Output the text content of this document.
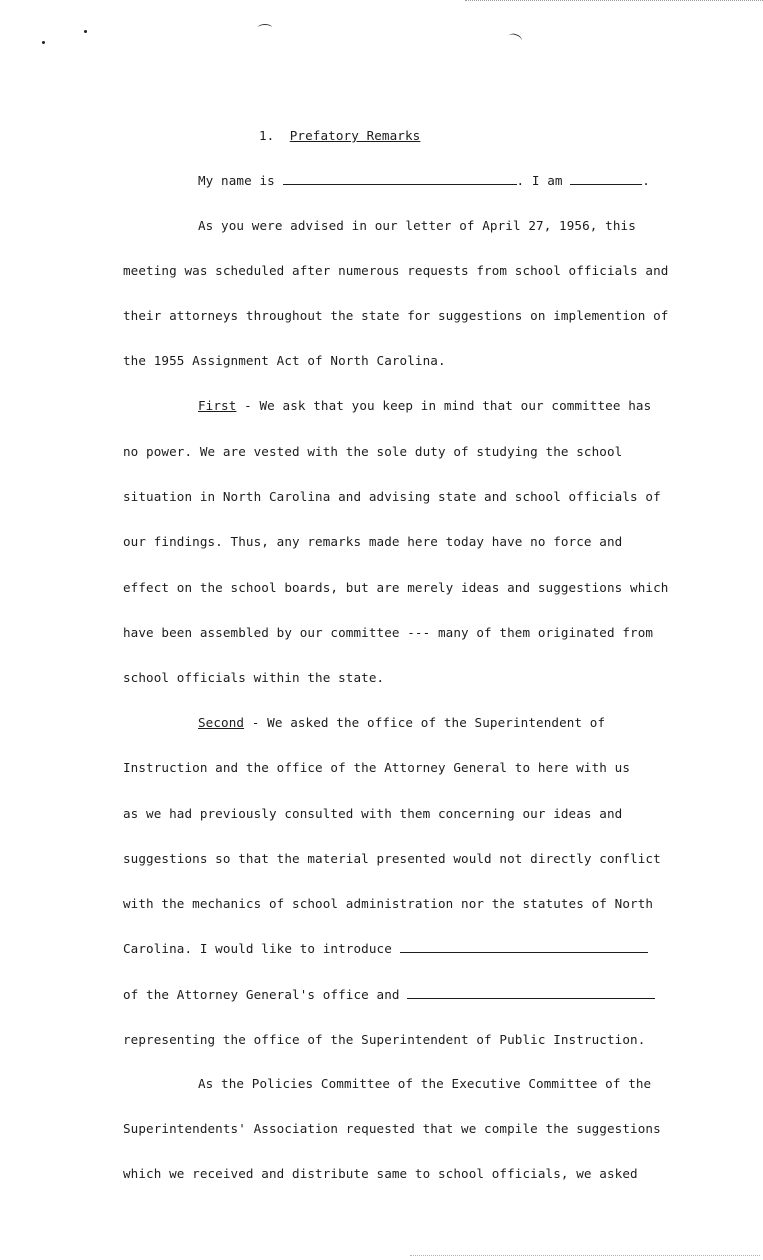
1. Prefatory Remarks
My name is	. I am	.
As you were advised in our letter of April 27, 1956, this
meeting was scheduled after numerous requests from school officials and
their attorneys throughout the state for suggestions on implemention of
the 1955 Assignment Act of North Carolina.
First - We ask that you keep in mind that our committee has
no power. We are vested with the sole duty of studying the school
situation in North Carolina and advising state and school officials of
our findings. Thus, any remarks made here today have no force and
effect on the school boards, but are merely ideas and suggestions which
have been assembled by our committee --- many of them originated from
school officials within the state.
Second - We asked the office of the Superintendent of
Instruction and the office of the Attorney General to here with us
as we had previously consulted with them concerning our ideas and
suggestions so that the material presented would not directly conflict
with the mechanics of school administration nor the statutes of North
Carolina. I would like to introduce
of the Attorney General's office and
representing the office of the Superintendent of Public Instruction.
As the Policies Committee of the Executive Committee of the
Superintendents' Association requested that we compile the suggestions
which we received and distribute same to school officials, we asked
